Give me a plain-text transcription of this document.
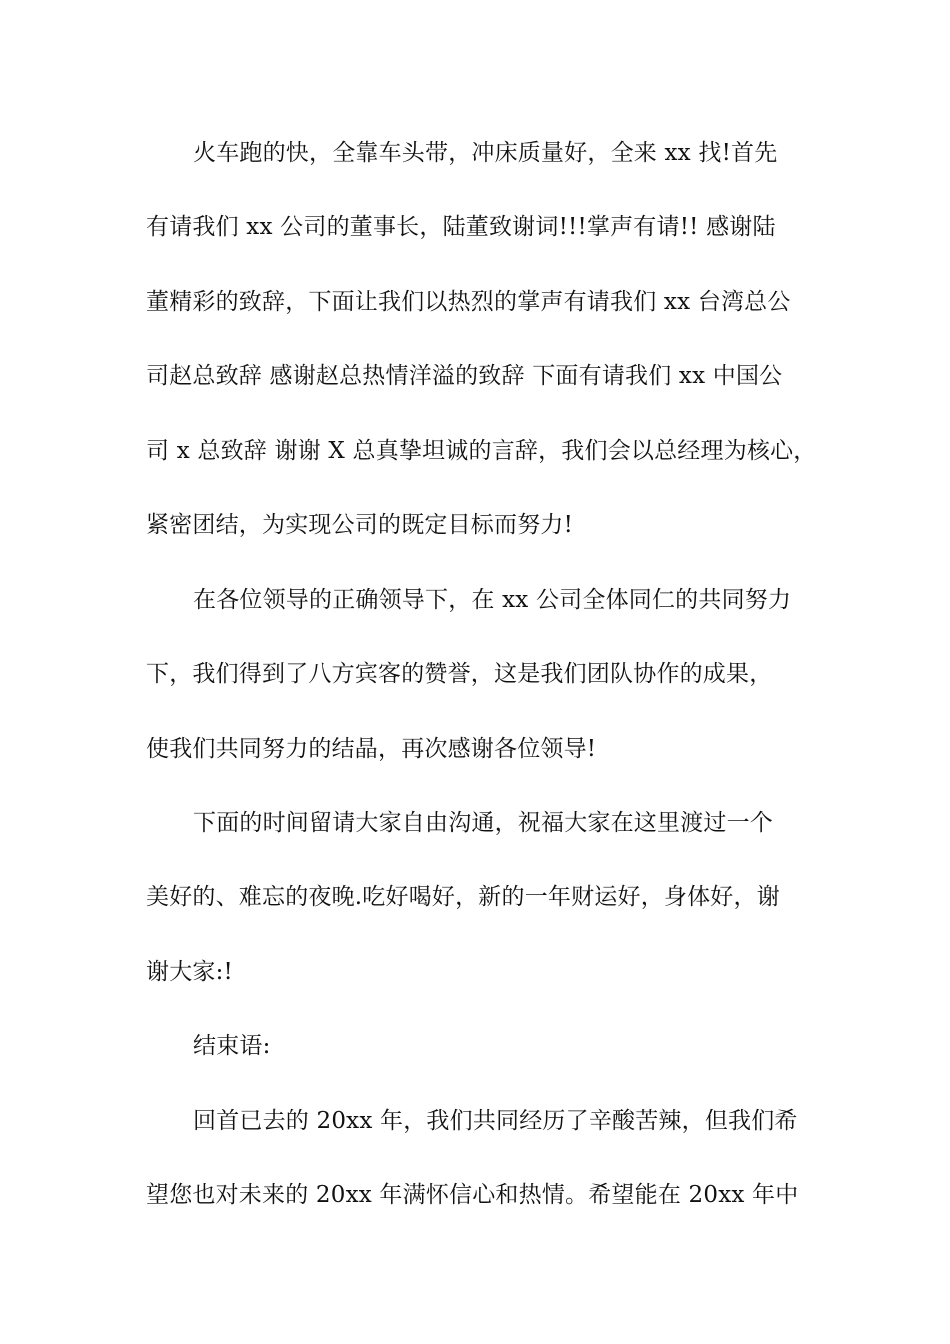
火车跑的快，全靠车头带，冲床质量好，全来 xx 找!首先
有请我们 xx 公司的董事长，陆董致谢词!!!掌声有请!! 感谢陆
董精彩的致辞，下面让我们以热烈的掌声有请我们 xx 台湾总公
司赵总致辞 感谢赵总热情洋溢的致辞 下面有请我们 xx 中国公
司 x 总致辞 谢谢 X 总真挚坦诚的言辞，我们会以总经理为核心，
紧密团结，为实现公司的既定目标而努力!
在各位领导的正确领导下，在 xx 公司全体同仁的共同努力
下，我们得到了八方宾客的赞誉，这是我们团队协作的成果，
使我们共同努力的结晶，再次感谢各位领导!
下面的时间留请大家自由沟通，祝福大家在这里渡过一个
美好的、难忘的夜晚.吃好喝好，新的一年财运好，身体好，谢
谢大家:!
结束语:
回首已去的 20xx 年，我们共同经历了辛酸苦辣，但我们希
望您也对未来的 20xx 年满怀信心和热情。希望能在 20xx 年中
